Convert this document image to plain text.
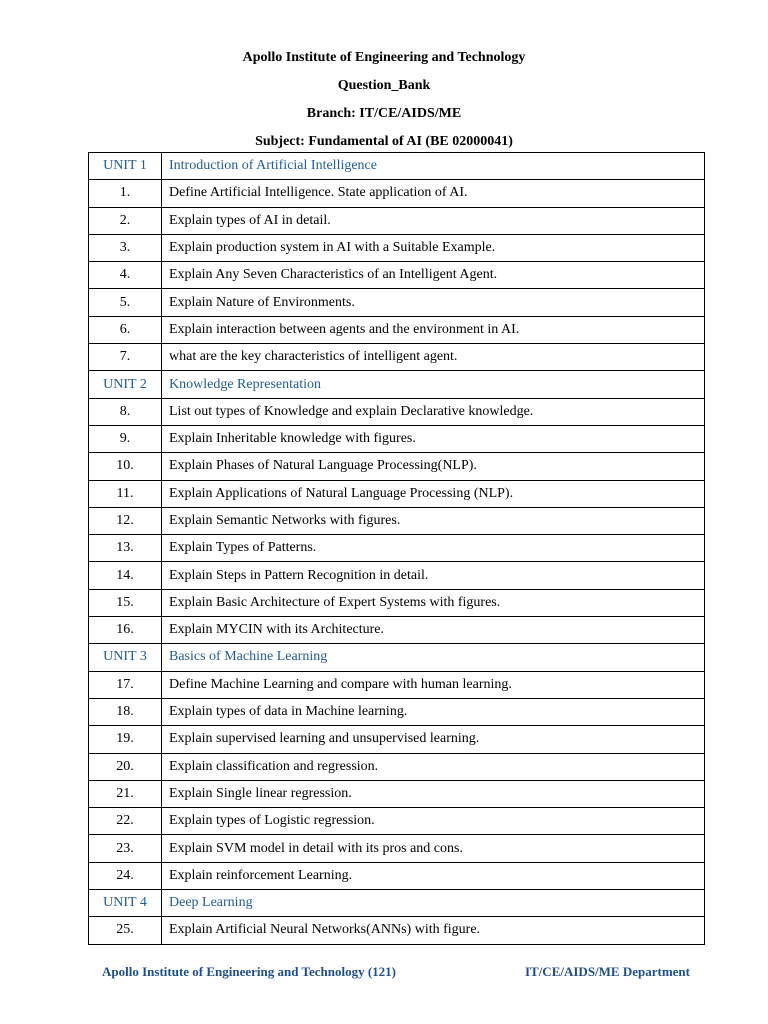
Apollo Institute of Engineering and Technology
Question_Bank
Branch: IT/CE/AIDS/ME
Subject: Fundamental of AI (BE 02000041)
UNIT 1	Introduction of Artificial Intelligence
1.	Define Artificial Intelligence. State application of AI.
2.	Explain types of AI in detail.
3.	Explain production system in AI with a Suitable Example.
4.	Explain Any Seven Characteristics of an Intelligent Agent.
5.	Explain Nature of Environments.
6.	Explain interaction between agents and the environment in AI.
7.	what are the key characteristics of intelligent agent.
UNIT 2	Knowledge Representation
8.	List out types of Knowledge and explain Declarative knowledge.
9.	Explain Inheritable knowledge with figures.
10.	Explain Phases of Natural Language Processing(NLP).
11.	Explain Applications of Natural Language Processing (NLP).
12.	Explain Semantic Networks with figures.
13.	Explain Types of Patterns.
14.	Explain Steps in Pattern Recognition in detail.
15.	Explain Basic Architecture of Expert Systems with figures.
16.	Explain MYCIN with its Architecture.
UNIT 3	Basics of Machine Learning
17.	Define Machine Learning and compare with human learning.
18.	Explain types of data in Machine learning.
19.	Explain supervised learning and unsupervised learning.
20.	Explain classification and regression.
21.	Explain Single linear regression.
22.	Explain types of Logistic regression.
23.	Explain SVM model in detail with its pros and cons.
24.	Explain reinforcement Learning.
UNIT 4	Deep Learning
25.	Explain Artificial Neural Networks(ANNs) with figure.
Apollo Institute of Engineering and Technology (121)	IT/CE/AIDS/ME Department
